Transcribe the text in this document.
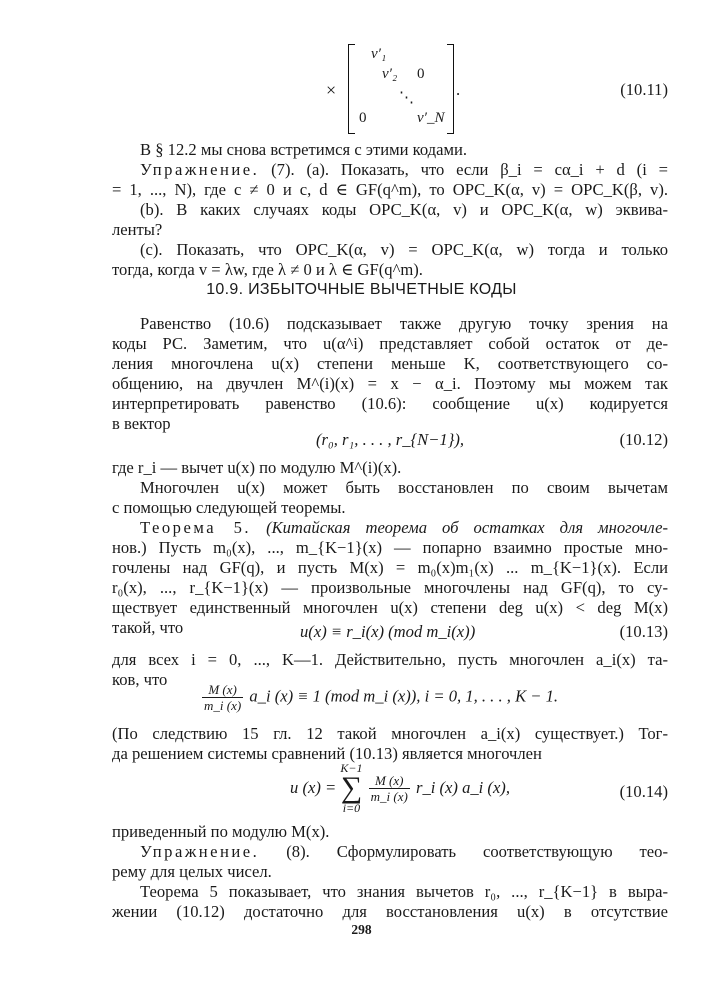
×
v′₁
v′₂ 0
⋱
0	v′_N
.	(10.11)
В § 12.2 мы снова встретимся с этими кодами.
Упражнение. (7). (а). Показать, что если β_i = cα_i + d (i =
= 1, ..., N), где c ≠ 0 и c, d ∈ GF(q^m), то ОРС_K(α, v) = ОРС_K(β, v).
(b). В каких случаях коды ОРС_K(α, v) и ОРС_K(α, w) эквива-
ленты?
(с). Показать, что ОРС_K(α, v) = ОРС_K(α, w) тогда и только
тогда, когда v = λw, где λ ≠ 0 и λ ∈ GF(q^m).
10.9. ИЗБЫТОЧНЫЕ ВЫЧЕТНЫЕ КОДЫ
Равенство (10.6) подсказывает также другую точку зрения на
коды РС. Заметим, что u(α^i) представляет собой остаток от де-
ления многочлена u(x) степени меньше K, соответствующего со-
общению, на двучлен M^(i)(x) = x − α_i. Поэтому мы можем так
интерпретировать равенство (10.6): сообщение u(x) кодируется
в вектор
(r₀, r₁, . . . , r_{N−1}),	(10.12)
где r_i — вычет u(x) по модулю M^(i)(x).
Многочлен u(x) может быть восстановлен по своим вычетам
с помощью следующей теоремы.
Теорема 5. (Китайская теорема об остатках для многочле-
нов.) Пусть m₀(x), ..., m_{K−1}(x) — попарно взаимно простые мно-
гочлены над GF(q), и пусть M(x) = m₀(x)m₁(x) ... m_{K−1}(x). Если
r₀(x), ..., r_{K−1}(x) — произвольные многочлены над GF(q), то су-
ществует единственный многочлен u(x) степени deg u(x) < deg M(x)
такой, что	u(x) ≡ r_i(x) (mod m_i(x))	(10.13)
для всех i = 0, ..., K—1. Действительно, пусть многочлен a_i(x) та-
ков, что
$\frac{M (x)}{m\_i (x)}$ a_i (x) ≡ 1 (mod m_i (x)), i = 0, 1, . . . , K − 1.
(По следствию 15 гл. 12 такой многочлен a_i(x) существует.) Тог-
да решением системы сравнений (10.13) является многочлен
u (x) = K−1
∑
i=0
$\frac{M (x)}{m\_i (x)}$ r_i (x) a_i (x),	(10.14)
приведенный по модулю M(x).
Упражнение. (8). Сформулировать соответствующую тео-
рему для целых чисел.
Теорема 5 показывает, что знания вычетов r₀, ..., r_{K−1} в выра-
жении (10.12) достаточно для восстановления u(x) в отсутствие
298
